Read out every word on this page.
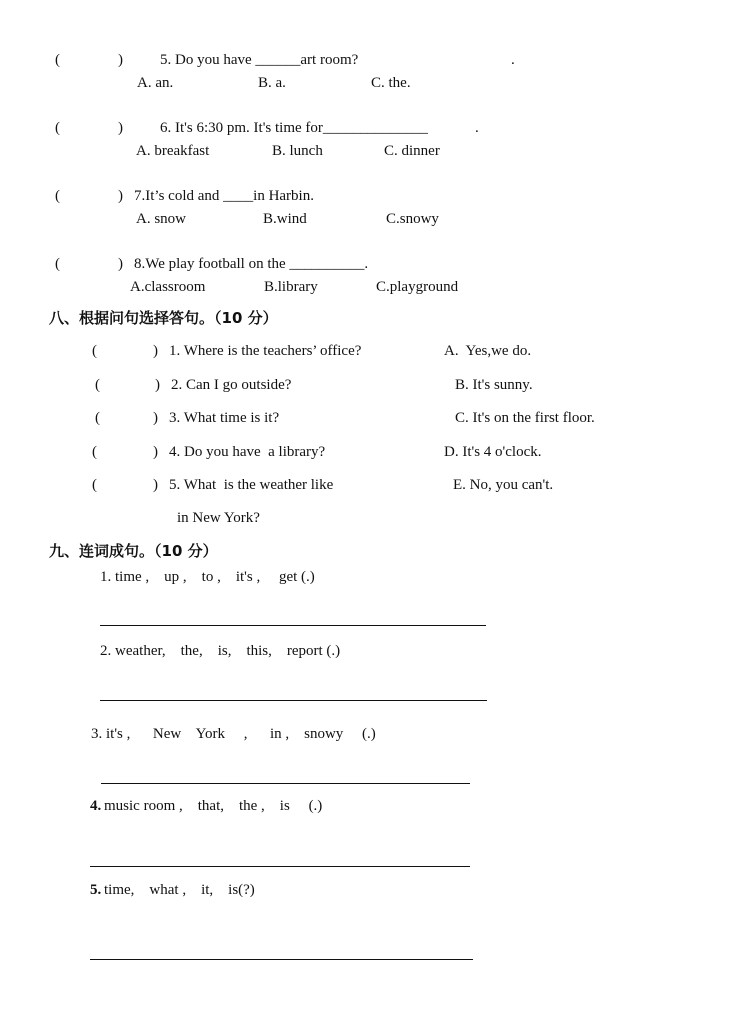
(	) 5. Do you have ______art room?	.
A. an.	B. a.	C. the.
(	) 6. It's 6:30 pm. It's time for______________	.
A. breakfast	B. lunch	C. dinner
(	) 7.It’s cold and ____in Harbin.
A. snow	B.wind	C.snowy
(	) 8.We play football on the __________.
A.classroom	B.library	C.playground
八、根据问句选择答句。（10 分）
(	) 1. Where is the teachers’ office?	A.  Yes,we do.
(	) 2. Can I go outside?	B. It's sunny.
(	) 3. What time is it?	C. It's on the first floor.
(	) 4. Do you have  a library?	D. It's 4 o'clock.
(	) 5. What  is the weather like	E. No, you can't.
in New York?
九、连词成句。（10 分）
1. time ,    up ,    to ,    it's ,     get (.)
2. weather,    the,    is,    this,    report (.)
3. it's ,      New    York     ,      in ,    snowy     (.)
4. music room ,    that,    the ,    is     (.)
5. time,    what ,    it,    is(?)
